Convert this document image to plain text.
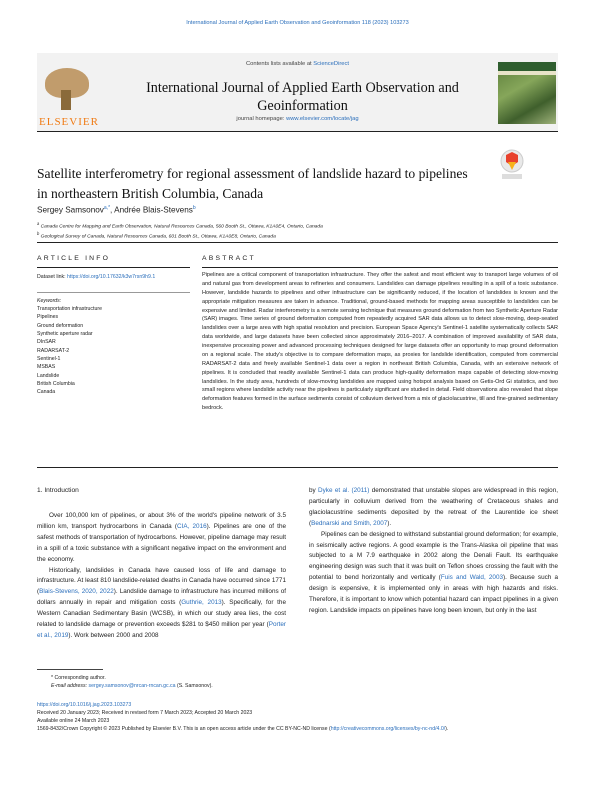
International Journal of Applied Earth Observation and Geoinformation 118 (2023) 103273
ELSEVIER
Contents lists available at ScienceDirect
International Journal of Applied Earth Observation and Geoinformation
journal homepage: www.elsevier.com/locate/jag
Satellite interferometry for regional assessment of landslide hazard to pipelines in northeastern British Columbia, Canada
Sergey Samsonov$^{a,*}$, Andrée Blais-Stevens$^b$
$^a$ Canada Centre for Mapping and Earth Observation, Natural Resources Canada, 560 Booth St., Ottawa, K1A0E4, Ontario, Canada
$^b$ Geological Survey of Canada, Natural Resources Canada, 601 Booth St., Ottawa, K1A0E8, Ontario, Canada
ARTICLE INFO	ABSTRACT
Dataset link: https://doi.org/10.17632/k3w7rsn9h9.1
Keywords:
Transportation infrastructure
Pipelines
Ground deformation
Synthetic aperture radar
DInSAR
RADARSAT-2
Sentinel-1
MSBAS
Landslide
British Columbia
Canada
Pipelines are a critical component of transportation infrastructure. They offer the safest and most efficient way to transport large volumes of oil and natural gas from development areas to refineries and consumers. Landslides can damage pipelines resulting in a spill of a toxic substance. However, landslide hazards to pipelines and other infrastructure can be significantly reduced, if the location of landslides is known and the appropriate mitigation measures are taken in advance. Traditional, ground-based methods for mapping areas susceptible to landslides can be expensive and limited. Radar interferometry is a remote sensing technique that measures ground deformation from two Synthetic Aperture Radar (SAR) images. Time series of ground deformation computed from repeatedly acquired SAR data allows us to detect slow-moving, deep-seated landslides over a large area with high spatial resolution and precision. European Space Agency's Sentinel-1 satellite systematically collects SAR data worldwide, and large datasets have been collected since approximately 2016–2017. A combination of improved availability of SAR data, inexpensive processing power and advanced processing techniques designed for large datasets offer an opportunity to map ground deformation on a regional scale. The study's objective is to compare deformation maps, as proxies for landslide identification, computed from commercial RADARSAT-2 data and freely available Sentinel-1 data over a region in northeast British Columbia, Canada, with an extensive network of pipelines. It is concluded that readily available Sentinel-1 data can produce high-quality deformation maps capable of detecting slow-moving landslides. In the study area, hundreds of slow-moving landslides are mapped using hotspot analysis based on Getis-Ord Gi statistics, and two small regions where landslide activity near the pipelines is particularly significant are studied in detail. Field observations also revealed that slope deformation features formed in the surface sediments consist of colluvium derived from a mix of glaciolacustrine, till and fine-grained sedimentary bedrock.
1. Introduction

Over 100,000 km of pipelines, or about 3% of the world's pipeline network of 3.5 million km, transport hydrocarbons in Canada (CIA, 2016). Pipelines are one of the safest methods of transportation of hydrocarbons. However, pipeline damage may result in a spill of a toxic substance with a significant negative impact on the environment and the economy.

Historically, landslides in Canada have caused loss of life and damage to infrastructure. At least 810 landslide-related deaths in Canada have occurred since 1771 (Blais-Stevens, 2020, 2022). Landslide damage to infrastructure has incurred millions of dollars annually in repair and mitigation costs (Guthrie, 2013). Specifically, for the Western Canadian Sedimentary Basin (WCSB), in which our study area lies, the cost related to landslide damage or prevention exceeds $281 to $450 million per year (Porter et al., 2019). Work between 2000 and 2008

by Dyke et al. (2011) demonstrated that unstable slopes are widespread in this region, particularly in colluvium derived from the weathering of Cretaceous shales and glaciolacustrine sediments deposited by the retreat of the Laurentide ice sheet (Bednarski and Smith, 2007).

Pipelines can be designed to withstand substantial ground deformation; for example, in seismically active regions. A good example is the Trans-Alaska oil pipeline that was subjected to a M 7.9 earthquake in 2002 along the Denali Fault. Its earthquake engineering design was such that it was built on Teflon shoes crossing the fault with the potential to bend horizontally and vertically (Fuis and Wald, 2003). Because such a design is expensive, it is implemented only in areas with high hazards and risks. Therefore, it is important to know which potential hazard can impact pipelines in a given region. Landslide impacts on pipelines have long been known, but only in the last

* Corresponding author.
E-mail address: sergey.samsonov@nrcan-rncan.gc.ca (S. Samsonov).
https://doi.org/10.1016/j.jag.2023.103273
Received 20 January 2023; Received in revised form 7 March 2023; Accepted 20 March 2023
Available online 24 March 2023
1569-8432/Crown Copyright © 2023 Published by Elsevier B.V. This is an open access article under the CC BY-NC-ND license (http://creativecommons.org/licenses/by-nc-nd/4.0/).
